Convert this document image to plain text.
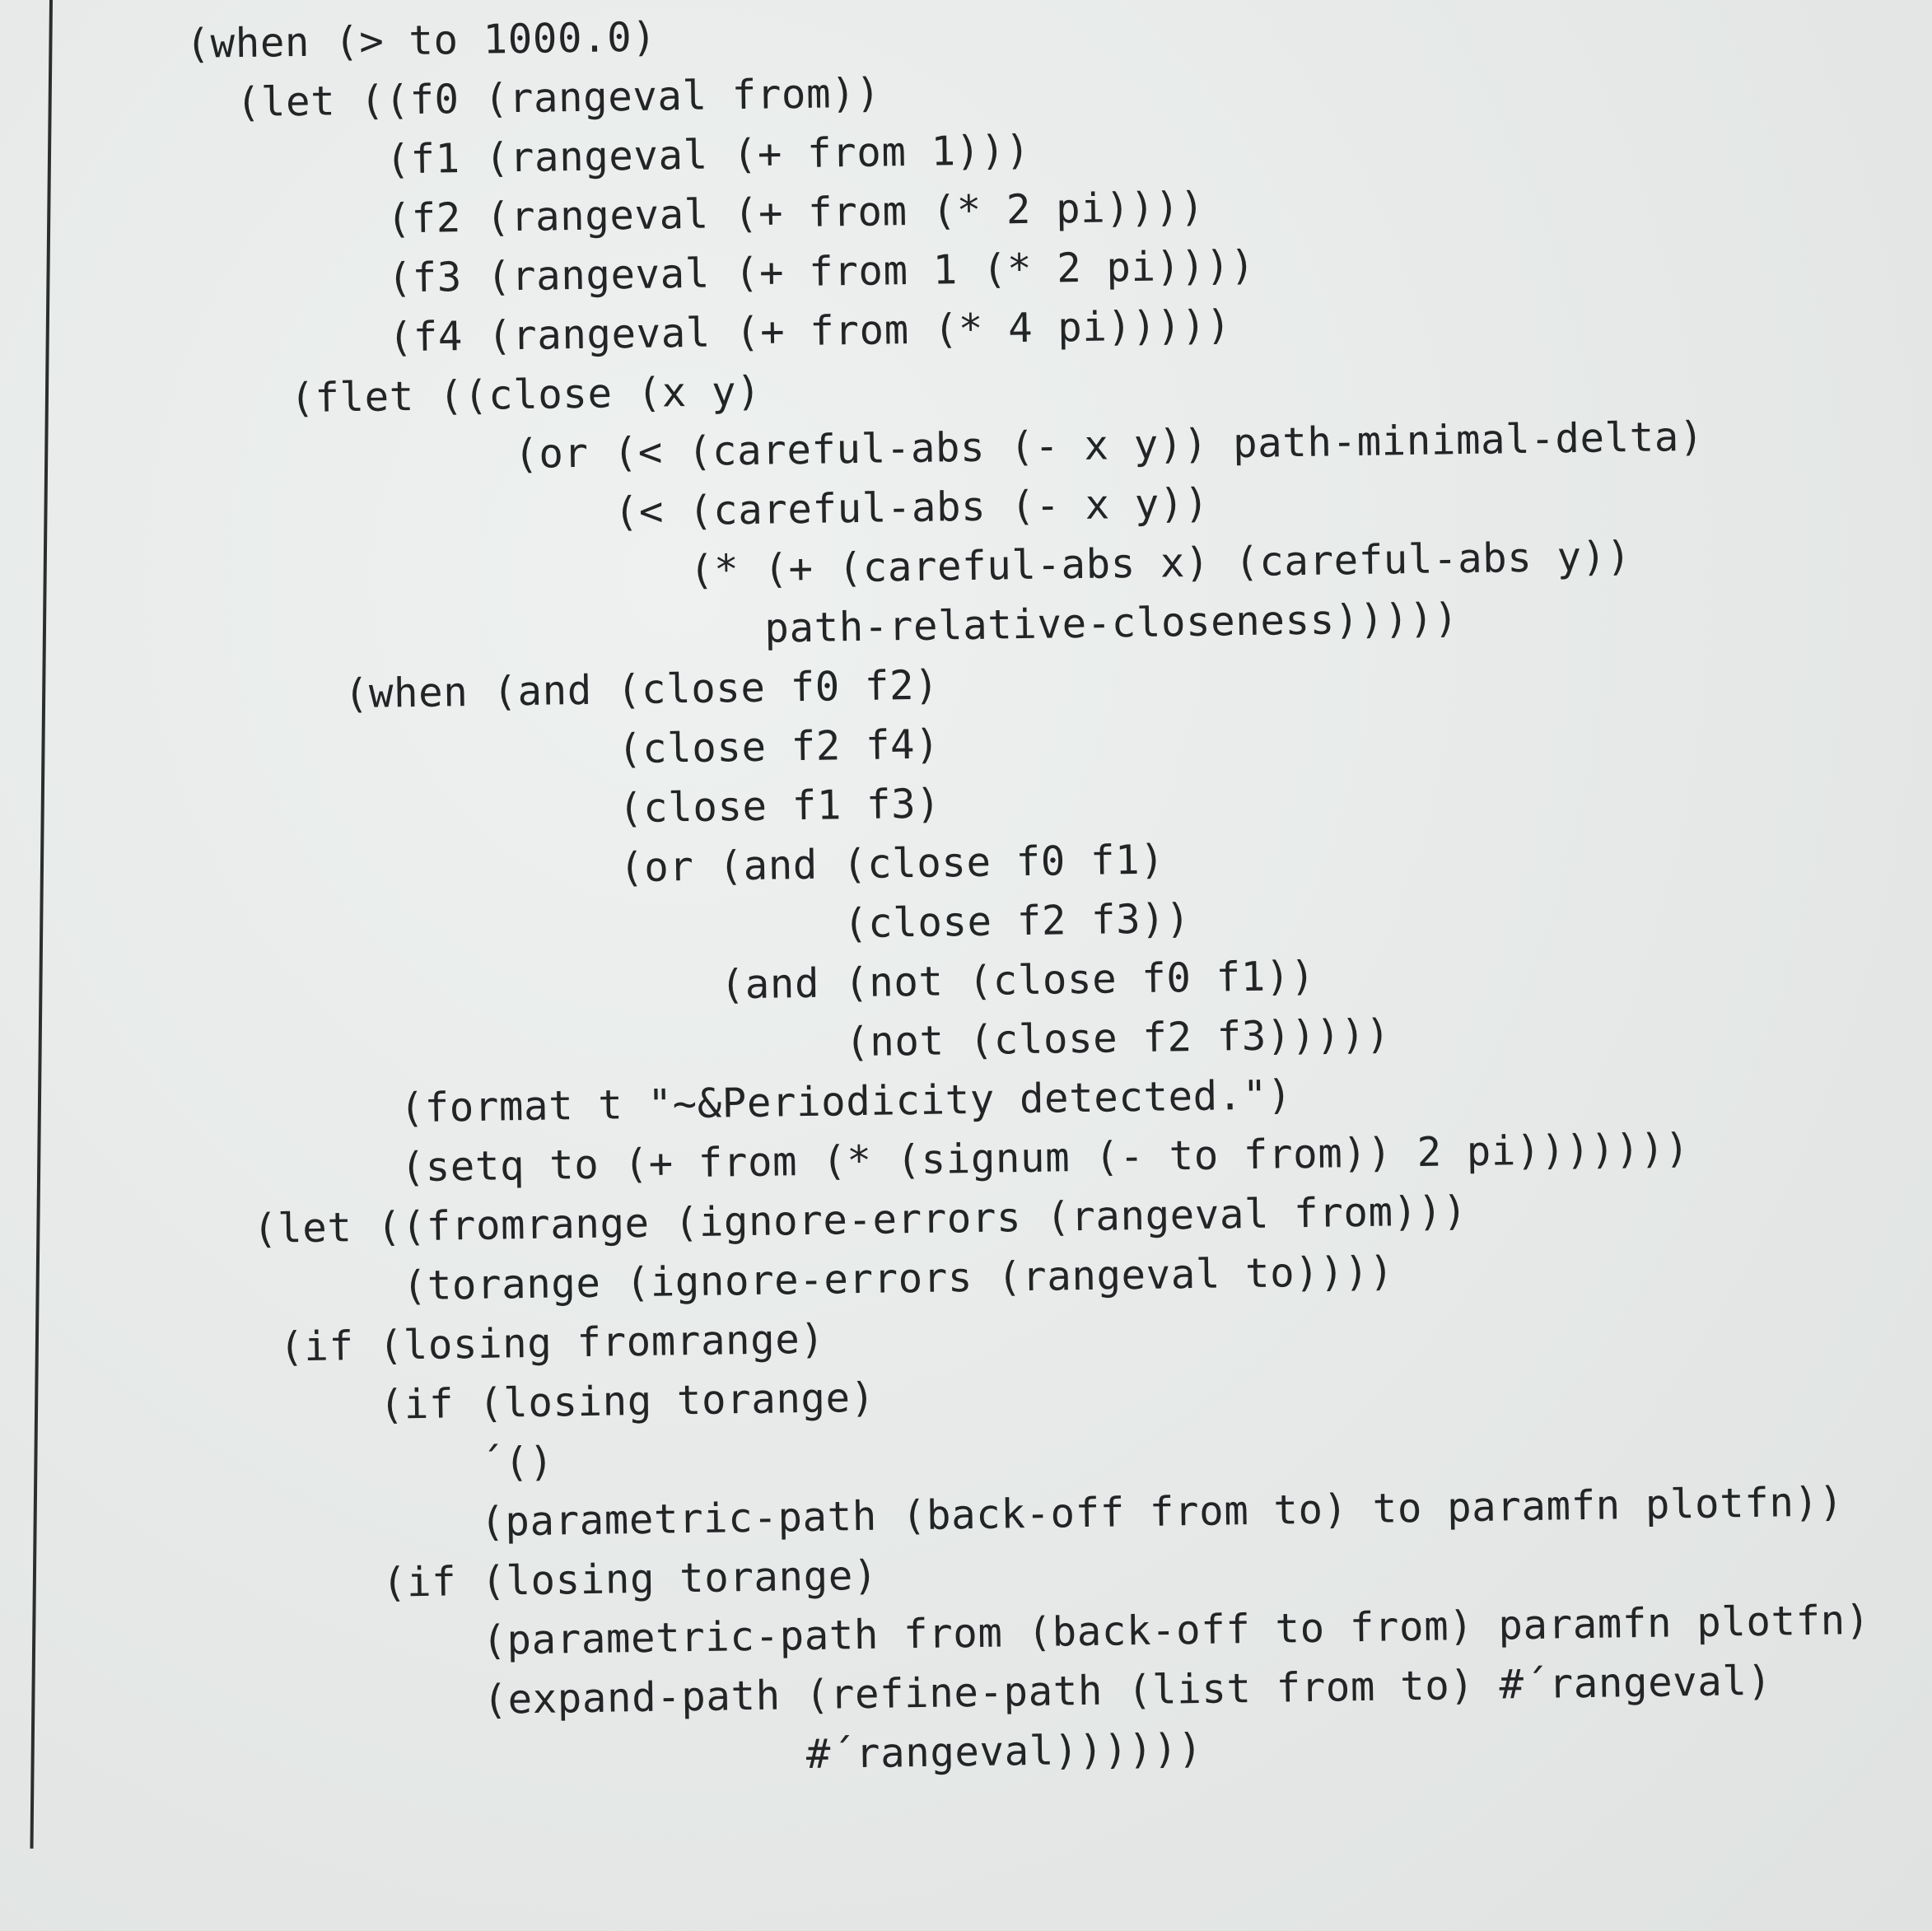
(when (> to 1000.0)
(let ((f0 (rangeval from))
(f1 (rangeval (+ from 1)))
(f2 (rangeval (+ from (* 2 pi))))
(f3 (rangeval (+ from 1 (* 2 pi))))
(f4 (rangeval (+ from (* 4 pi)))))
(flet ((close (x y)
(or (< (careful-abs (- x y)) path-minimal-delta)
(< (careful-abs (- x y))
(* (+ (careful-abs x) (careful-abs y))
path-relative-closeness)))))
(when (and (close f0 f2)
(close f2 f4)
(close f1 f3)
(or (and (close f0 f1)
(close f2 f3))
(and (not (close f0 f1))
(not (close f2 f3)))))
(format t "~&Periodicity detected.")
(setq to (+ from (* (signum (- to from)) 2 pi)))))))
(let ((fromrange (ignore-errors (rangeval from)))
(torange (ignore-errors (rangeval to))))
(if (losing fromrange)
(if (losing torange)
´()
(parametric-path (back-off from to) to paramfn plotfn))
(if (losing torange)
(parametric-path from (back-off to from) paramfn plotfn)
(expand-path (refine-path (list from to) #´rangeval)
#´rangeval))))))
